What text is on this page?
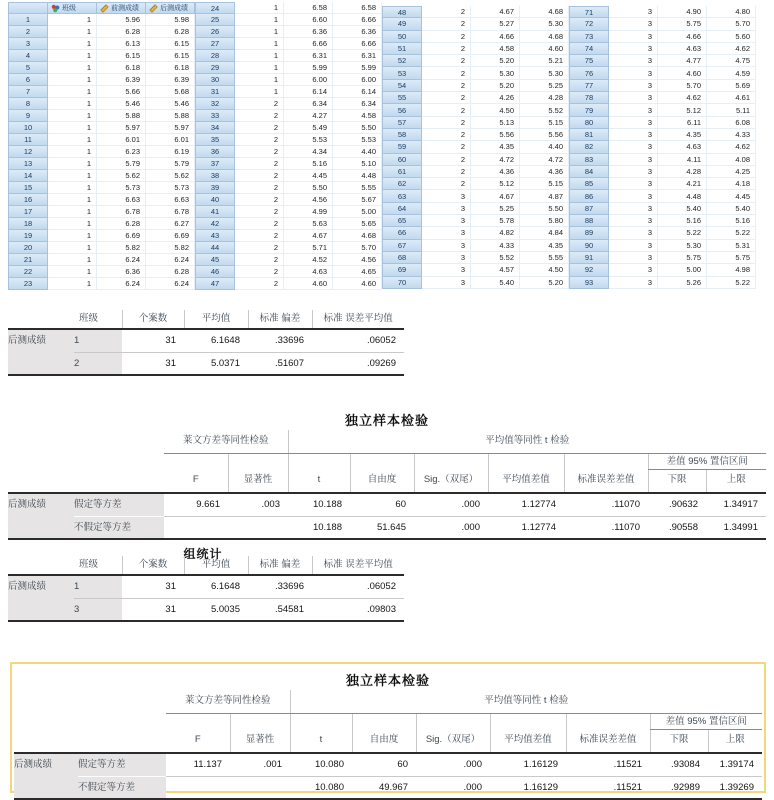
班级	前测成绩	后测成绩
1	1	5.96	5.98
2	1	6.28	6.28
3	1	6.13	6.15
4	1	6.15	6.15
5	1	6.18	6.18
6	1	6.39	6.39
7	1	5.66	5.68
8	1	5.46	5.46
9	1	5.88	5.88
10	1	5.97	5.97
11	1	6.01	6.01
12	1	6.23	6.19
13	1	5.79	5.79
14	1	5.62	5.62
15	1	5.73	5.73
16	1	6.63	6.63
17	1	6.78	6.78
18	1	6.28	6.27
19	1	6.69	6.69
20	1	5.82	5.82
21	1	6.24	6.24
22	1	6.36	6.28
23	1	6.24	6.24
24	1	6.58	6.58
25	1	6.60	6.66
26	1	6.36	6.36
27	1	6.66	6.66
28	1	6.31	6.31
29	1	5.99	5.99
30	1	6.00	6.00
31	1	6.14	6.14
32	2	6.34	6.34
33	2	4.27	4.58
34	2	5.49	5.50
35	2	5.53	5.53
36	2	4.34	4.40
37	2	5.16	5.10
38	2	4.45	4.48
39	2	5.50	5.55
40	2	4.56	5.67
41	2	4.99	5.00
42	2	5.63	5.65
43	2	4.67	4.68
44	2	5.71	5.70
45	2	4.52	4.56
46	2	4.63	4.65
47	2	4.60	4.60
48	2	4.67	4.68
49	2	5.27	5.30
50	2	4.66	4.68
51	2	4.58	4.60
52	2	5.20	5.21
53	2	5.30	5.30
54	2	5.20	5.25
55	2	4.26	4.28
56	2	4.50	5.52
57	2	5.13	5.15
58	2	5.56	5.56
59	2	4.35	4.40
60	2	4.72	4.72
61	2	4.36	4.36
62	2	5.12	5.15
63	3	4.67	4.87
64	3	5.25	5.50
65	3	5.78	5.80
66	3	4.82	4.84
67	3	4.33	4.35
68	3	5.52	5.55
69	3	4.57	4.50
70	3	5.40	5.20
71	3	4.90	4.80
72	3	5.75	5.70
73	3	4.66	5.60
74	3	4.63	4.62
75	3	4.77	4.75
76	3	4.60	4.59
77	3	5.70	5.69
78	3	4.62	4.61
79	3	5.12	5.11
80	3	6.11	6.08
81	3	4.35	4.33
82	3	4.63	4.62
83	3	4.11	4.08
84	3	4.28	4.25
85	3	4.21	4.18
86	3	4.48	4.45
87	3	5.40	5.40
88	3	5.16	5.16
89	3	5.22	5.22
90	3	5.30	5.31
91	3	5.75	5.75
92	3	5.00	4.98
93	3	5.26	5.22
	班级	个案数	平均值	标准 偏差	标准 误差平均值
后测成绩	1	31	6.1648	.33696	.06052
	2	31	5.0371	.51607	.09269
独立样本检验
		莱文方差等同性检验		平均值等同性 t 检验						
									差值 95% 置信区间	
		F	显著性	t	自由度	Sig.（双尾）	平均值差值	标准误差差值	下限	上限
后测成绩	假定等方差	9.661	.003	10.188	60	.000	1.12774	.11070	.90632	1.34917
	不假定等方差			10.188	51.645	.000	1.12774	.11070	.90558	1.34991
组统计
	班级	个案数	平均值	标准 偏差	标准 误差平均值
后测成绩	1	31	6.1648	.33696	.06052
	3	31	5.0035	.54581	.09803
独立样本检验
		莱文方差等同性检验		平均值等同性 t 检验						
									差值 95% 置信区间	
		F	显著性	t	自由度	Sig.（双尾）	平均值差值	标准误差差值	下限	上限
后测成绩	假定等方差	11.137	.001	10.080	60	.000	1.16129	.11521	.93084	1.39174
	不假定等方差			10.080	49.967	.000	1.16129	.11521	.92989	1.39269
